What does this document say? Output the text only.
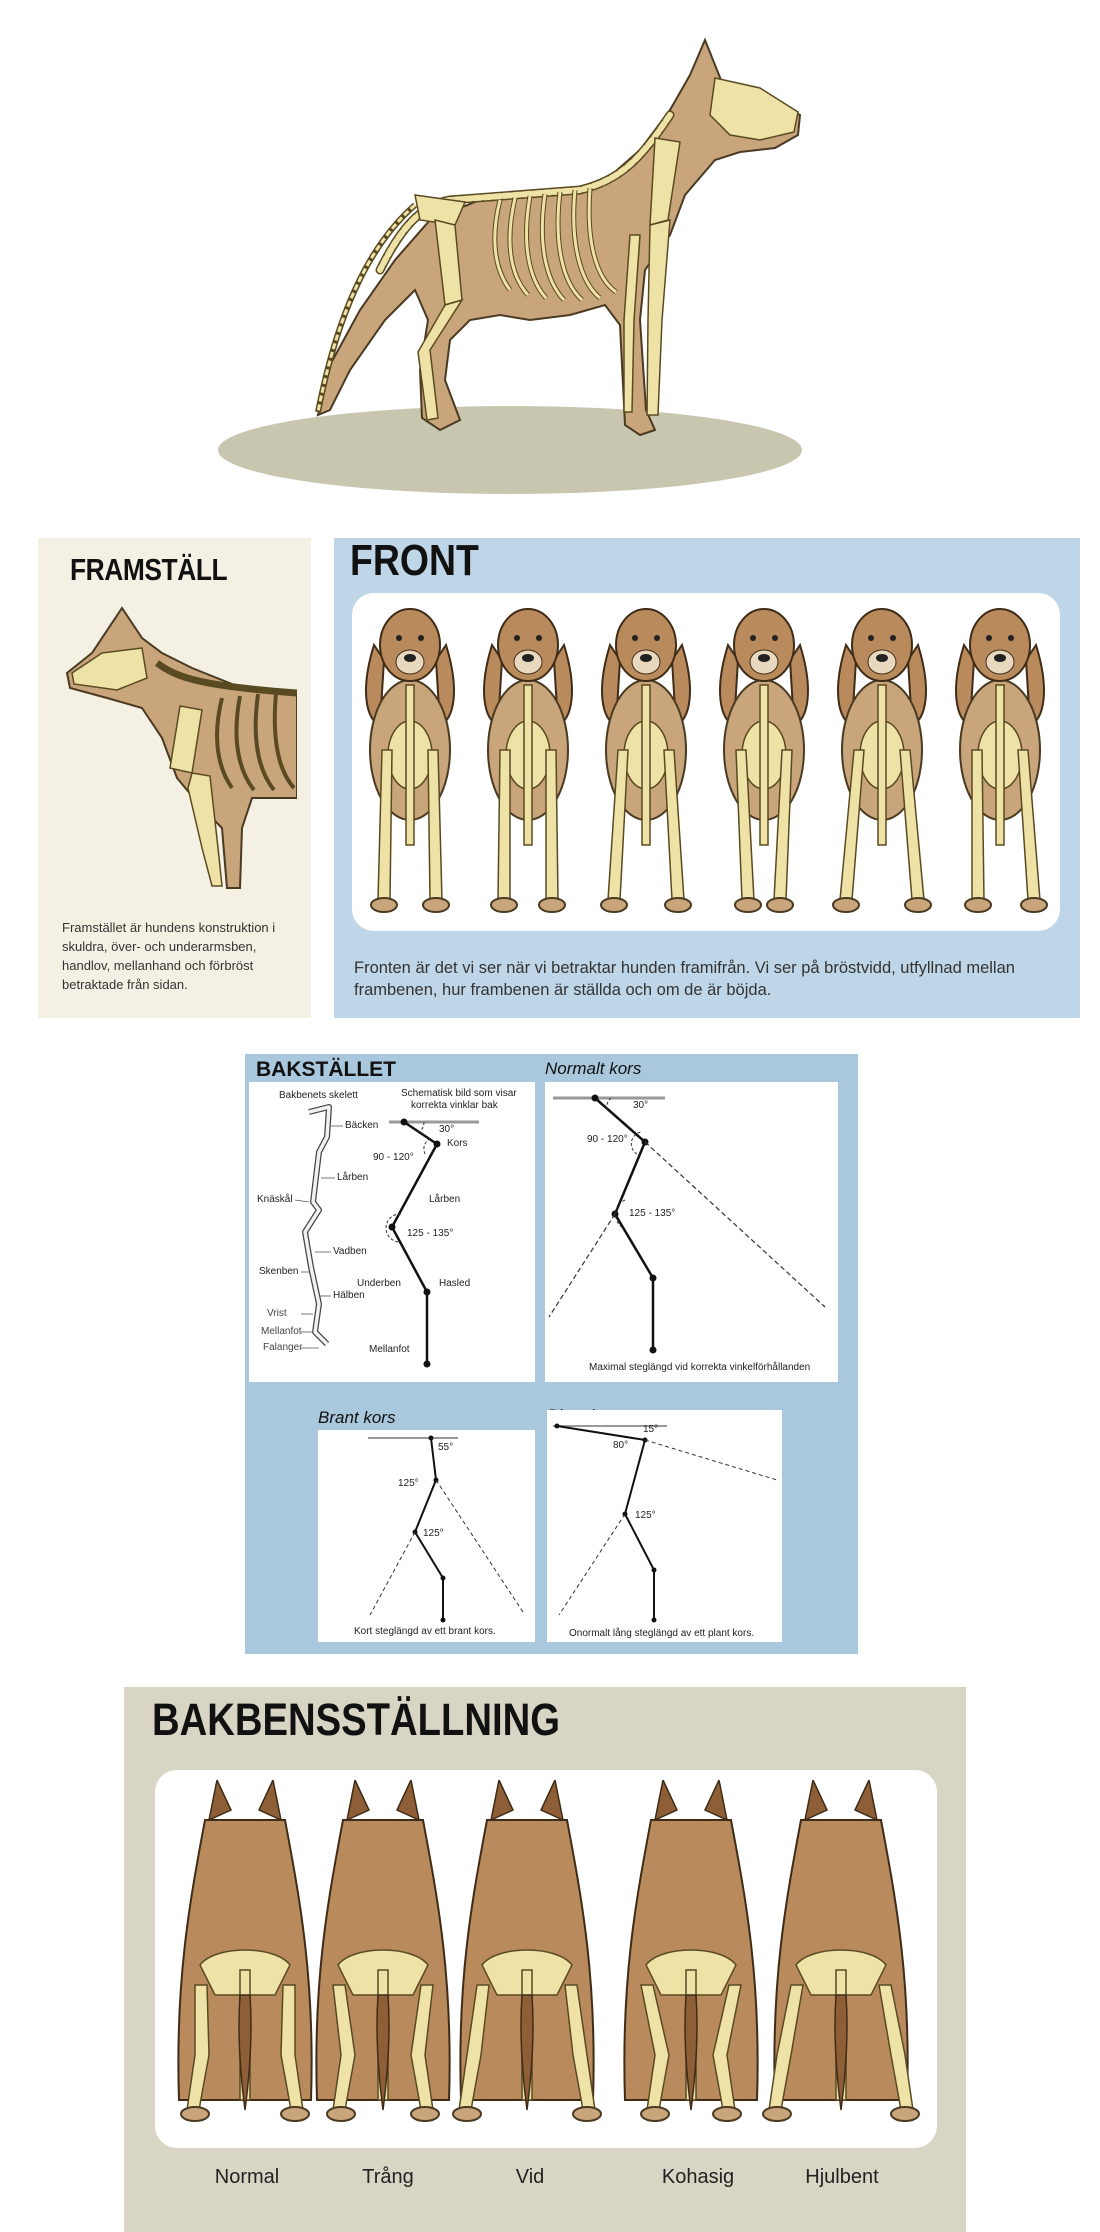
FRAMSTÄLL
Framstället är hundens konstruktion i skuldra, över- och underarmsben, handlov, mellanhand och förbröst betraktade från sidan.
FRONT
Fronten är det vi ser när vi betraktar hunden framifrån. Vi ser på bröstvidd, utfyllnad mellan frambenen, hur frambenen är ställda och om de är böjda.
BAKSTÄLLET
Bakbenets skelett	Schematisk bild som visar
korrekta vinklar bak
Bäcken
Knäskål
Lårben
Vadben
Skenben
Hälben
Vrist
Mellanfot
Falanger
30°
Kors
90 - 120°
Lårben
125 - 135°
Underben	Hasled
Mellanfot
Normalt kors
30°
90 - 120°
125 - 135°
Maximal steglängd vid korrekta vinkelförhållanden
Brant kors
55°
125°
125°
Kort steglängd av ett brant kors.
15°
80°
125°
Onormalt lång steglängd av ett plant kors.
BAKBENSSTÄLLNING
Normal	Trång	Vid	Kohasig	Hjulbent
